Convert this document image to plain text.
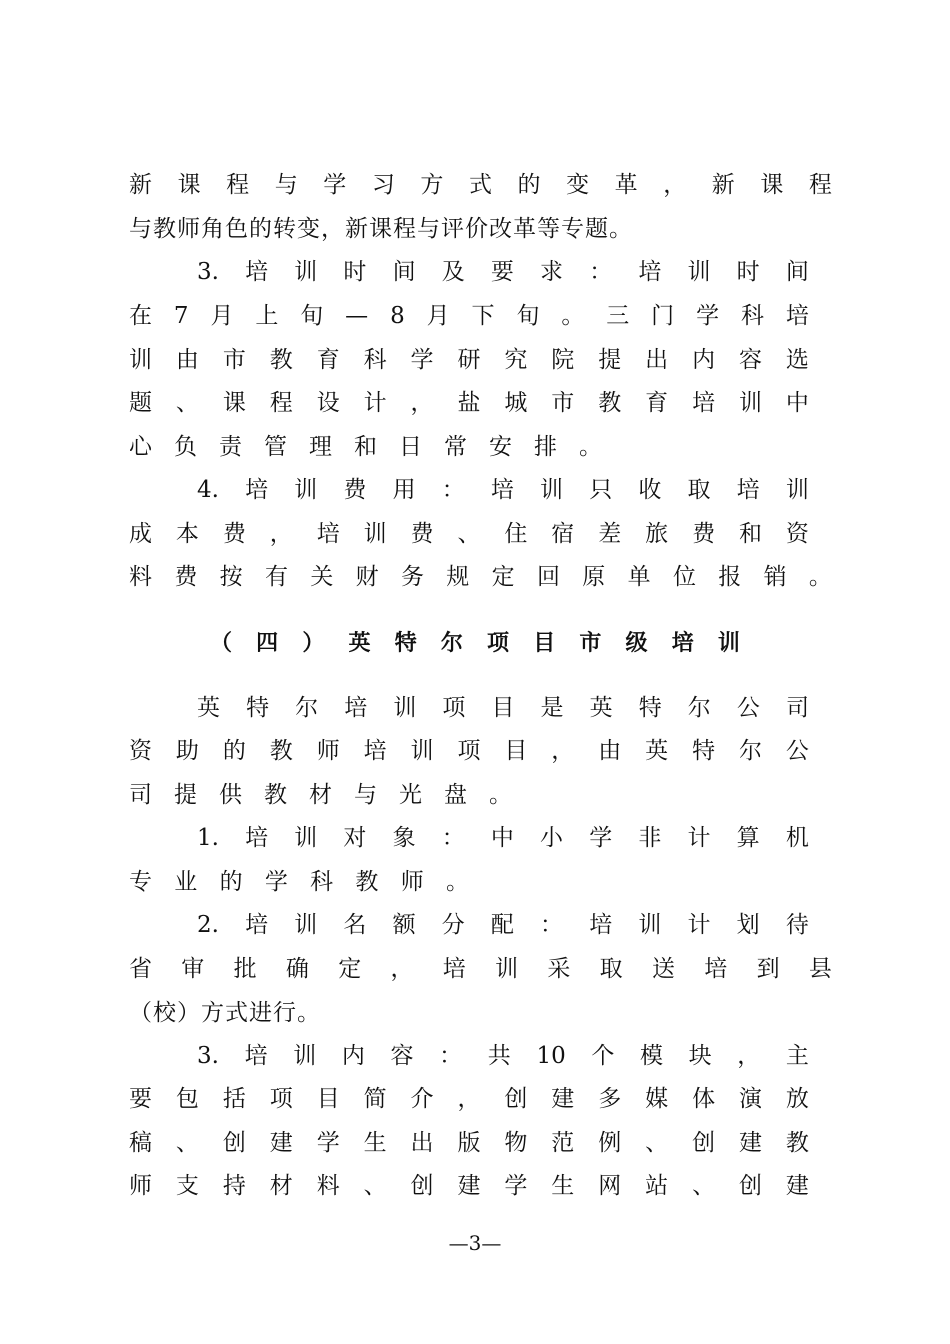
新 课 程 与 学 习 方 式 的 变 革 ， 新 课 程
与教师角色的转变，新课程与评价改革等专题。
3. 培 训 时 间 及 要 求 ： 培 训 时 间
在 7 月 上 旬 — 8 月 下 旬 。 三 门 学 科 培
训 由 市 教 育 科 学 研 究 院 提 出 内 容 选
题 、 课 程 设 计 ， 盐 城 市 教 育 培 训 中
心 负 责 管 理 和 日 常 安 排 。
4. 培 训 费 用 ： 培 训 只 收 取 培 训
成 本 费 ， 培 训 费 、 住 宿 差 旅 费 和 资
料 费 按 有 关 财 务 规 定 回 原 单 位 报 销 。
（ 四 ） 英 特 尔 项 目 市 级 培 训
英 特 尔 培 训 项 目 是 英 特 尔 公 司
资 助 的 教 师 培 训 项 目 ， 由 英 特 尔 公
司 提 供 教 材 与 光 盘 。
1. 培 训 对 象 ： 中 小 学 非 计 算 机
专 业 的 学 科 教 师 。
2. 培 训 名 额 分 配 ： 培 训 计 划 待
省 审 批 确 定 ， 培 训 采 取 送 培 到 县
（校）方式进行。
3. 培 训 内 容 ： 共 10 个 模 块 ， 主
要 包 括 项 目 简 介 ， 创 建 多 媒 体 演 放
稿 、 创 建 学 生 出 版 物 范 例 、 创 建 教
师 支 持 材 料 、 创 建 学 生 网 站 、 创 建
—3—
